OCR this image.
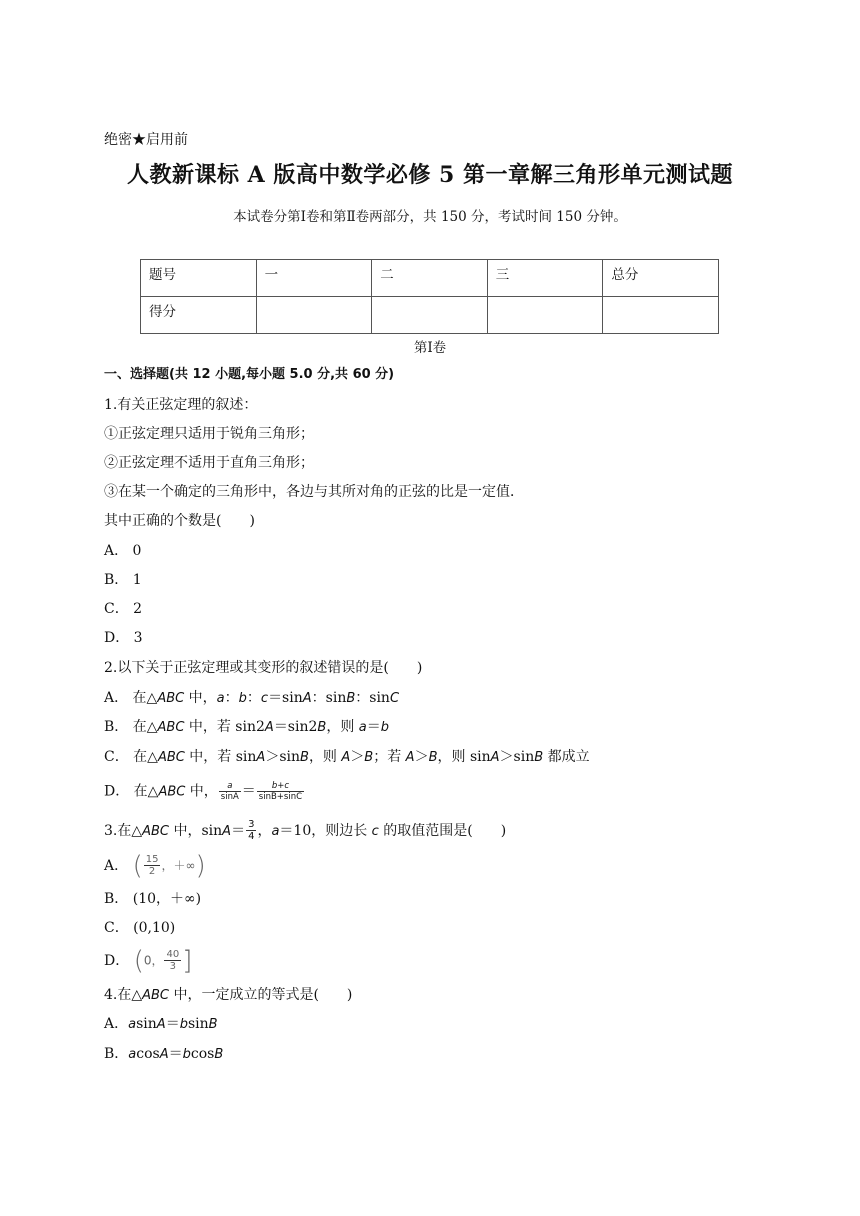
绝密★启用前
人教新课标 A 版高中数学必修 5 第一章解三角形单元测试题
本试卷分第Ⅰ卷和第Ⅱ卷两部分，共 150 分，考试时间 150 分钟。
题号	一	二	三	总分
得分				
第Ⅰ卷
一、选择题(共 12 小题,每小题 5.0 分,共 60 分)
1.有关正弦定理的叙述：
①正弦定理只适用于锐角三角形；
②正弦定理不适用于直角三角形；
③在某一个确定的三角形中，各边与其所对角的正弦的比是一定值．
其中正确的个数是(　　)
A． 0
B． 1
C． 2
D． 3
2.以下关于正弦定理或其变形的叙述错误的是(　　)
A． 在△ABC 中，a：b：c＝sinA：sinB：sinC
B． 在△ABC 中，若 sin2A＝sin2B，则 a＝b
C． 在△ABC 中，若 sinA＞sinB，则 A＞B；若 A＞B，则 sinA＞sinB 都成立
D． 在△ABC 中， $\frac{a}{\sin A} = \frac{b+c}{\sin B+\sin C}$
3.在△ABC 中，$\sin A= \frac{3}{4}$ ，a＝10，则边长 c 的取值范围是(　　)
A． ( $\frac{15}{2}$ ，＋∞)
B． (10，＋∞)
C． (0,10)
D． (0， $\frac{40}{3}$ ]
4.在△ABC 中，一定成立的等式是(　　)
A．asinA＝bsinB
B．acosA＝bcosB
